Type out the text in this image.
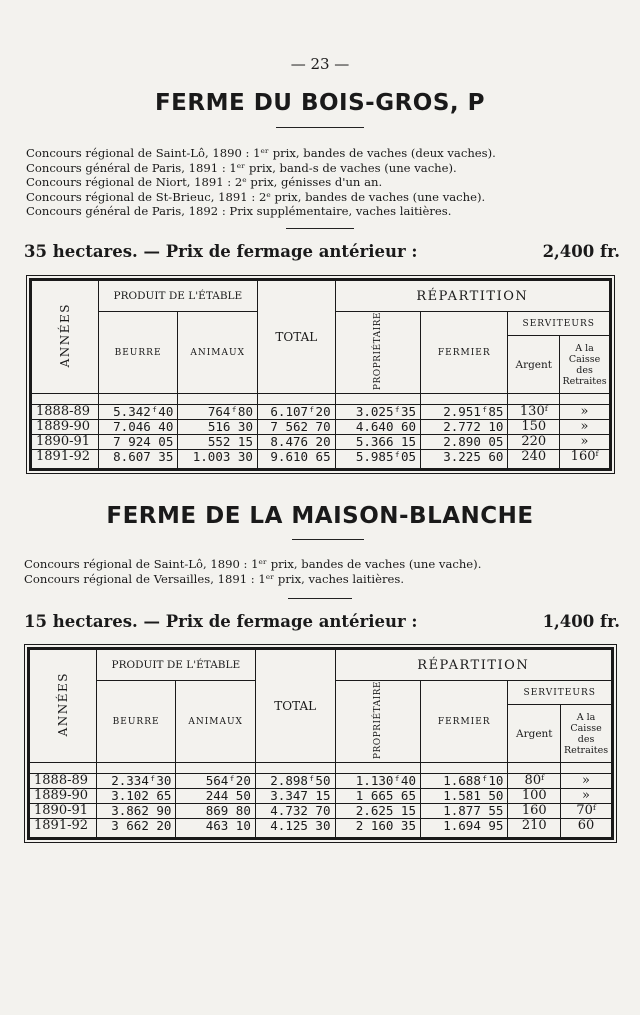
— 23 —
FERME DU BOIS-GROS, P
Concours régional de Saint-Lô, 1890 : 1ᵉʳ prix, bandes de vaches (deux vaches).
Concours général de Paris, 1891 : 1ᵉʳ prix, band-s de vaches (une vache).
Concours régional de Niort, 1891 : 2ᵉ prix, génisses d'un an.
Concours régional de St-Brieuc, 1891 : 2ᵉ prix, bandes de vaches (une vache).
Concours général de Paris, 1892 : Prix supplémentaire, vaches laitières.
35 hectares. — Prix de fermage antérieur :	2,400 fr.
ANNÉES	PRODUIT DE L'ÉTABLE		TOTAL	RÉPARTITION			
	BEURRE	ANIMAUX		PROPRIÉTAIRE	FERMIER	SERVITEURS	
						Argent	A la Caisse des Retraites

1888-89	5.342ᶠ40	764ᶠ80	6.107ᶠ20	3.025ᶠ35	2.951ᶠ85	130ᶠ	»
1889-90	7.046 40	516 30	7 562 70	4.640 60	2.772 10	150	»
1890-91	7 924 05	552 15	8.476 20	5.366 15	2.890 05	220	»
1891-92	8.607 35	1.003 30	9.610 65	5.985ᶠ05	3.225 60	240	160ᶠ
FERME DE LA MAISON-BLANCHE
Concours régional de Saint-Lô, 1890 : 1ᵉʳ prix, bandes de vaches (une vache).
Concours régional de Versailles, 1891 : 1ᵉʳ prix, vaches laitières.
15 hectares. — Prix de fermage antérieur :	1,400 fr.
ANNÉES	PRODUIT DE L'ÉTABLE		TOTAL	RÉPARTITION			
	BEURRE	ANIMAUX		PROPRIÉTAIRE	FERMIER	SERVITEURS	
						Argent	A la Caisse des Retraites

1888-89	2.334ᶠ30	564ᶠ20	2.898ᶠ50	1.130ᶠ40	1.688ᶠ10	80ᶠ	»
1889-90	3.102 65	244 50	3.347 15	1 665 65	1.581 50	100	»
1890-91	3.862 90	869 80	4.732 70	2.625 15	1.877 55	160	70ᶠ
1891-92	3 662 20	463 10	4.125 30	2 160 35	1.694 95	210	60
